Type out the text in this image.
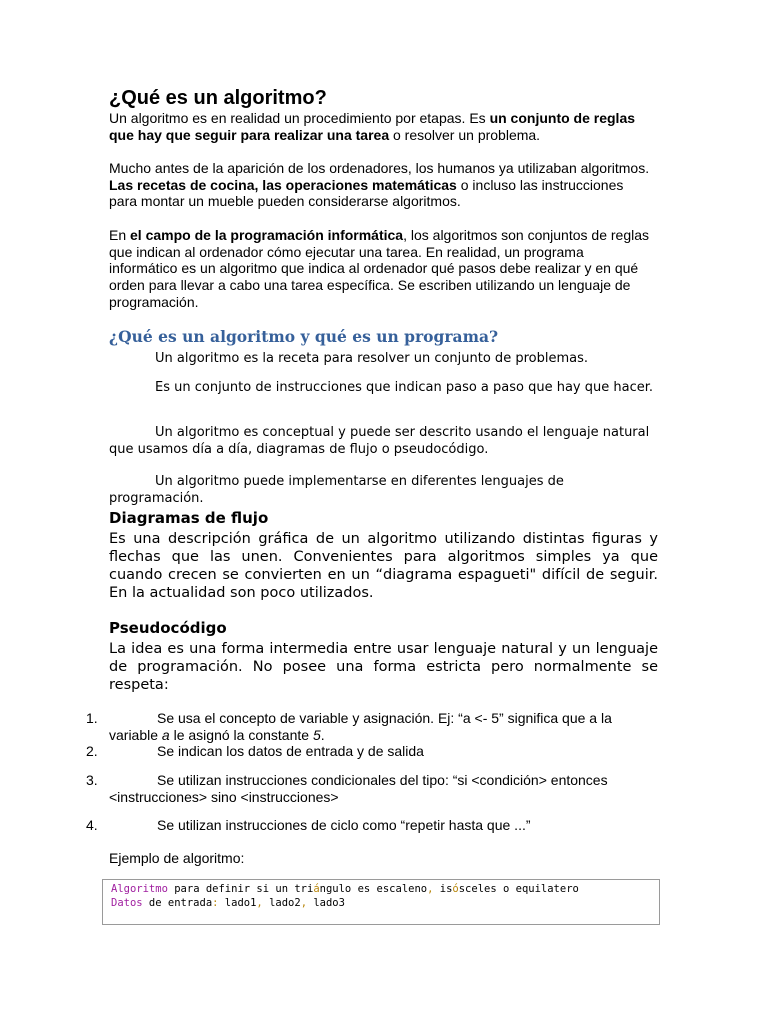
¿Qué es un algoritmo?

Un algoritmo es en realidad un procedimiento por etapas. Es un conjunto de reglas que hay que seguir para realizar una tarea o resolver un problema.

Mucho antes de la aparición de los ordenadores, los humanos ya utilizaban algoritmos. Las recetas de cocina, las operaciones matemáticas o incluso las instrucciones para montar un mueble pueden considerarse algoritmos.

En el campo de la programación informática, los algoritmos son conjuntos de reglas que indican al ordenador cómo ejecutar una tarea. En realidad, un programa informático es un algoritmo que indica al ordenador qué pasos debe realizar y en qué orden para llevar a cabo una tarea específica. Se escriben utilizando un lenguaje de programación.

¿Qué es un algoritmo y qué es un programa?

Un algoritmo es la receta para resolver un conjunto de problemas.

Es un conjunto de instrucciones que indican paso a paso que hay que hacer.

Un algoritmo es conceptual y puede ser descrito usando el lenguaje natural que usamos día a día, diagramas de flujo o pseudocódigo.

Un algoritmo puede implementarse en diferentes lenguajes de programación.

Diagramas de flujo

Es una descripción gráfica de un algoritmo utilizando distintas figuras y flechas que las unen. Convenientes para algoritmos simples ya que cuando crecen se convierten en un “diagrama espagueti" difícil de seguir. En la actualidad son poco utilizados.

Pseudocódigo

La idea es una forma intermedia entre usar lenguaje natural y un lenguaje de programación. No posee una forma estricta pero normalmente se respeta:

1.	Se usa el concepto de variable y asignación. Ej: “a <- 5” significa que a la variable a le asignó la constante 5.
2.	Se indican los datos de entrada y de salida
3.	Se utilizan instrucciones condicionales del tipo: “si <condición> entonces <instrucciones> sino <instrucciones>
4.	Se utilizan instrucciones de ciclo como “repetir hasta que ...”

Ejemplo de algoritmo:

Algoritmo para definir si un triángulo es escaleno, isósceles o equilatero
Datos de entrada: lado1, lado2, lado3
